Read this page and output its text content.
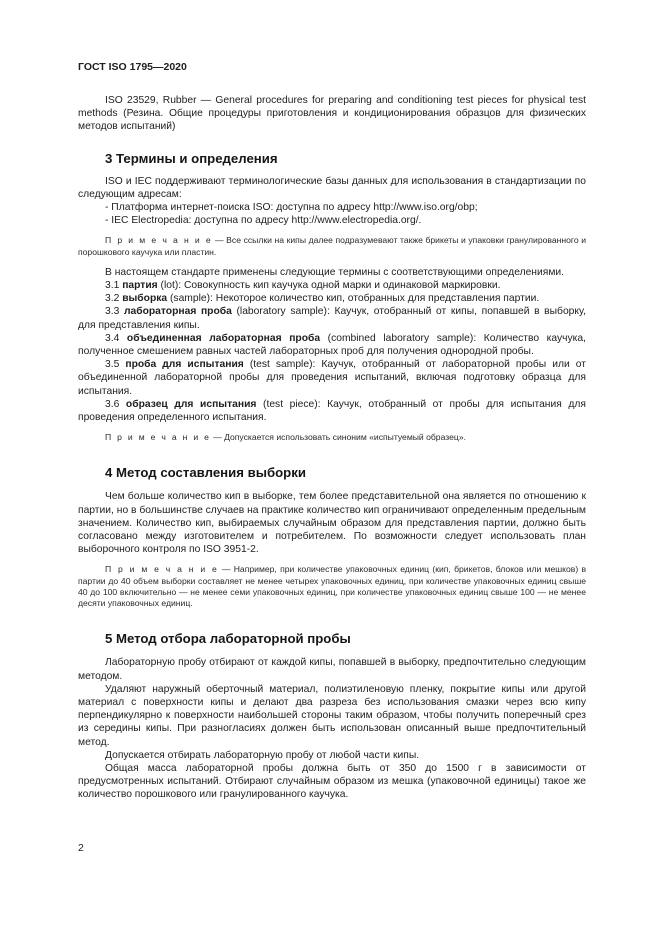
ГОСТ ISO 1795—2020

ISO 23529, Rubber — General procedures for preparing and conditioning test pieces for physical test methods (Резина. Общие процедуры приготовления и кондиционирования образцов для физических методов испытаний)

3 Термины и определения

ISO и IEC поддерживают терминологические базы данных для использования в стандартизации по следующим адресам:

- Платформа интернет-поиска ISO: доступна по адресу http://www.iso.org/obp;

- IEC Electropedia: доступна по адресу http://www.electropedia.org/.

П р и м е ч а н и е — Все ссылки на кипы далее подразумевают также брикеты и упаковки гранулированного и порошкового каучука или пластин.

В настоящем стандарте применены следующие термины с соответствующими определениями.

3.1 партия (lot): Совокупность кип каучука одной марки и одинаковой маркировки.

3.2 выборка (sample): Некоторое количество кип, отобранных для представления партии.

3.3 лабораторная проба (laboratory sample): Каучук, отобранный от кипы, попавшей в выборку, для представления кипы.

3.4 объединенная лабораторная проба (combined laboratory sample): Количество каучука, полученное смешением равных частей лабораторных проб для получения однородной пробы.

3.5 проба для испытания (test sample): Каучук, отобранный от лабораторной пробы или от объединенной лабораторной пробы для проведения испытаний, включая подготовку образца для испытания.

3.6 образец для испытания (test piece): Каучук, отобранный от пробы для испытания для проведения определенного испытания.

П р и м е ч а н и е — Допускается использовать синоним «испытуемый образец».

4 Метод составления выборки

Чем больше количество кип в выборке, тем более представительной она является по отношению к партии, но в большинстве случаев на практике количество кип ограничивают определенным предельным значением. Количество кип, выбираемых случайным образом для представления партии, должно быть согласовано между изготовителем и потребителем. По возможности следует использовать план выборочного контроля по ISO 3951-2.

П р и м е ч а н и е — Например, при количестве упаковочных единиц (кип, брикетов, блоков или мешков) в партии до 40 объем выборки составляет не менее четырех упаковочных единиц, при количестве упаковочных единиц свыше 40 до 100 включительно — не менее семи упаковочных единиц, при количестве упаковочных единиц свыше 100 — не менее десяти упаковочных единиц.

5 Метод отбора лабораторной пробы

Лабораторную пробу отбирают от каждой кипы, попавшей в выборку, предпочтительно следующим методом.

Удаляют наружный оберточный материал, полиэтиленовую пленку, покрытие кипы или другой материал с поверхности кипы и делают два разреза без использования смазки через всю кипу перпендикулярно к поверхности наибольшей стороны таким образом, чтобы получить поперечный срез из середины кипы. При разногласиях должен быть использован описанный выше предпочтительный метод.

Допускается отбирать лабораторную пробу от любой части кипы.

Общая масса лабораторной пробы должна быть от 350 до 1500 г в зависимости от предусмотренных испытаний. Отбирают случайным образом из мешка (упаковочной единицы) такое же количество порошкового или гранулированного каучука.

2
